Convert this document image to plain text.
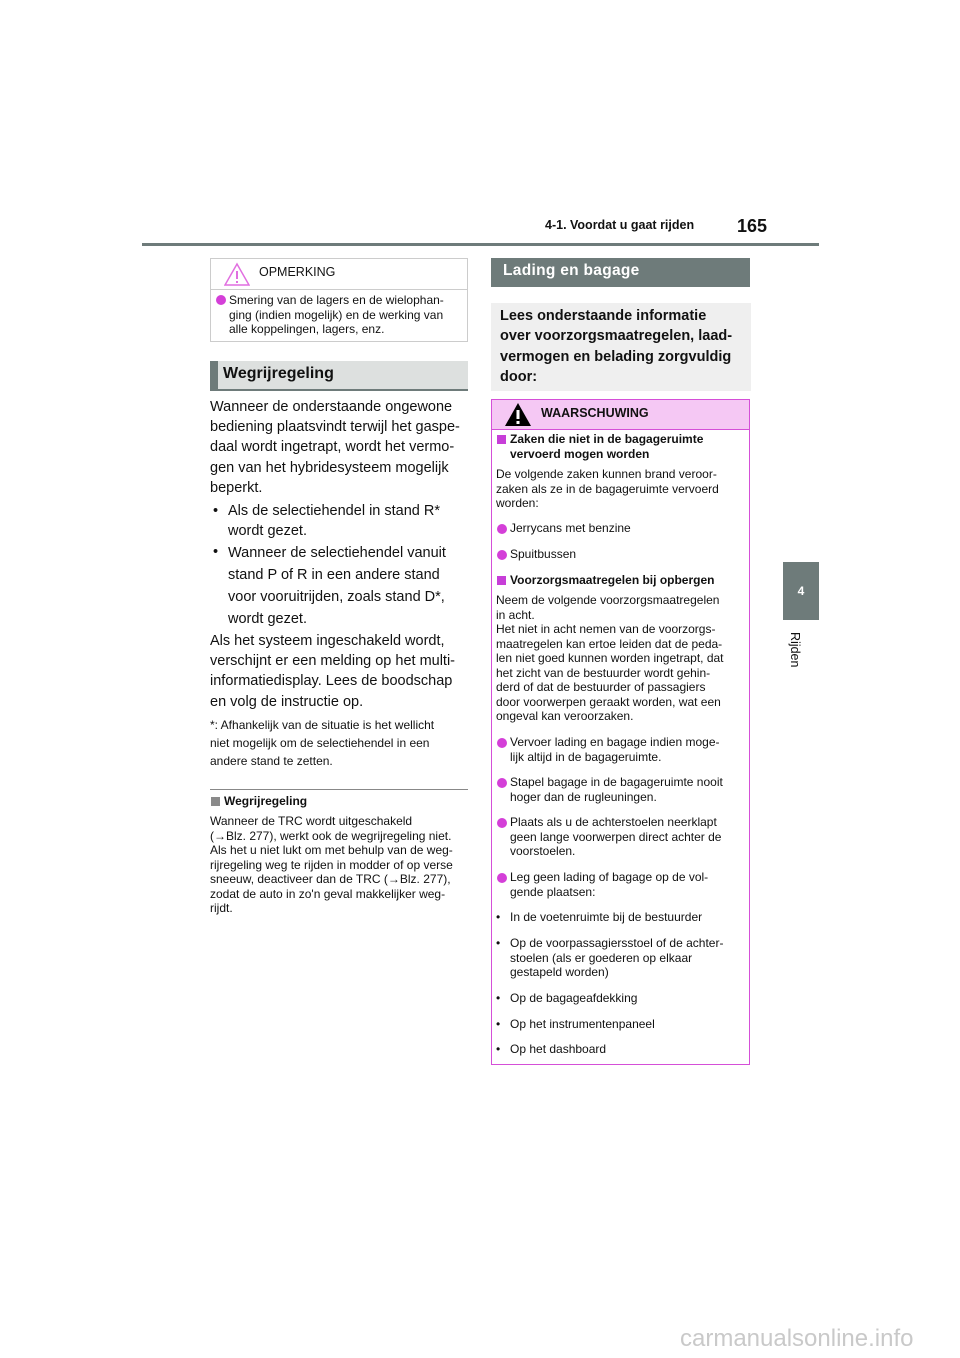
4-1. Voordat u gaat rijden 165
4
Rijden
OPMERKING
Smering van de lagers en de wielophan-
ging (indien mogelijk) en de werking van
alle koppelingen, lagers, enz.
Wegrijregeling
Wanneer de onderstaande ongewone
bediening plaatsvindt terwijl het gaspe-
daal wordt ingetrapt, wordt het vermo-
gen van het hybridesysteem mogelijk
beperkt.
• Als de selectiehendel in stand R*
wordt gezet.
• Wanneer de selectiehendel vanuit
stand P of R in een andere stand
voor vooruitrijden, zoals stand D*,
wordt gezet.
Als het systeem ingeschakeld wordt,
verschijnt er een melding op het multi-
informatiedisplay. Lees de boodschap
en volg de instructie op.
*: Afhankelijk van de situatie is het wellicht
niet mogelijk om de selectiehendel in een
andere stand te zetten.
Wegrijregeling
Wanneer de TRC wordt uitgeschakeld
(→Blz. 277), werkt ook de wegrijregeling niet.
Als het u niet lukt om met behulp van de weg-
rijregeling weg te rijden in modder of op verse
sneeuw, deactiveer dan de TRC (→Blz. 277),
zodat de auto in zo'n geval makkelijker weg-
rijdt.
Lading en bagage
Lees onderstaande informatie
over voorzorgsmaatregelen, laad-
vermogen en belading zorgvuldig
door:
WAARSCHUWING
Zaken die niet in de bagageruimte
vervoerd mogen worden
De volgende zaken kunnen brand veroor-
zaken als ze in de bagageruimte vervoerd
worden:
Jerrycans met benzine
Spuitbussen
Voorzorgsmaatregelen bij opbergen
Neem de volgende voorzorgsmaatregelen
in acht.
Het niet in acht nemen van de voorzorgs-
maatregelen kan ertoe leiden dat de peda-
len niet goed kunnen worden ingetrapt, dat
het zicht van de bestuurder wordt gehin-
derd of dat de bestuurder of passagiers
door voorwerpen geraakt worden, wat een
ongeval kan veroorzaken.
Vervoer lading en bagage indien moge-
lijk altijd in de bagageruimte.
Stapel bagage in de bagageruimte nooit
hoger dan de rugleuningen.
Plaats als u de achterstoelen neerklapt
geen lange voorwerpen direct achter de
voorstoelen.
Leg geen lading of bagage op de vol-
gende plaatsen:
• In de voetenruimte bij de bestuurder
• Op de voorpassagiersstoel of de achter-
stoelen (als er goederen op elkaar
gestapeld worden)
• Op de bagageafdekking
• Op het instrumentenpaneel
• Op het dashboard
carmanualsonline.info
